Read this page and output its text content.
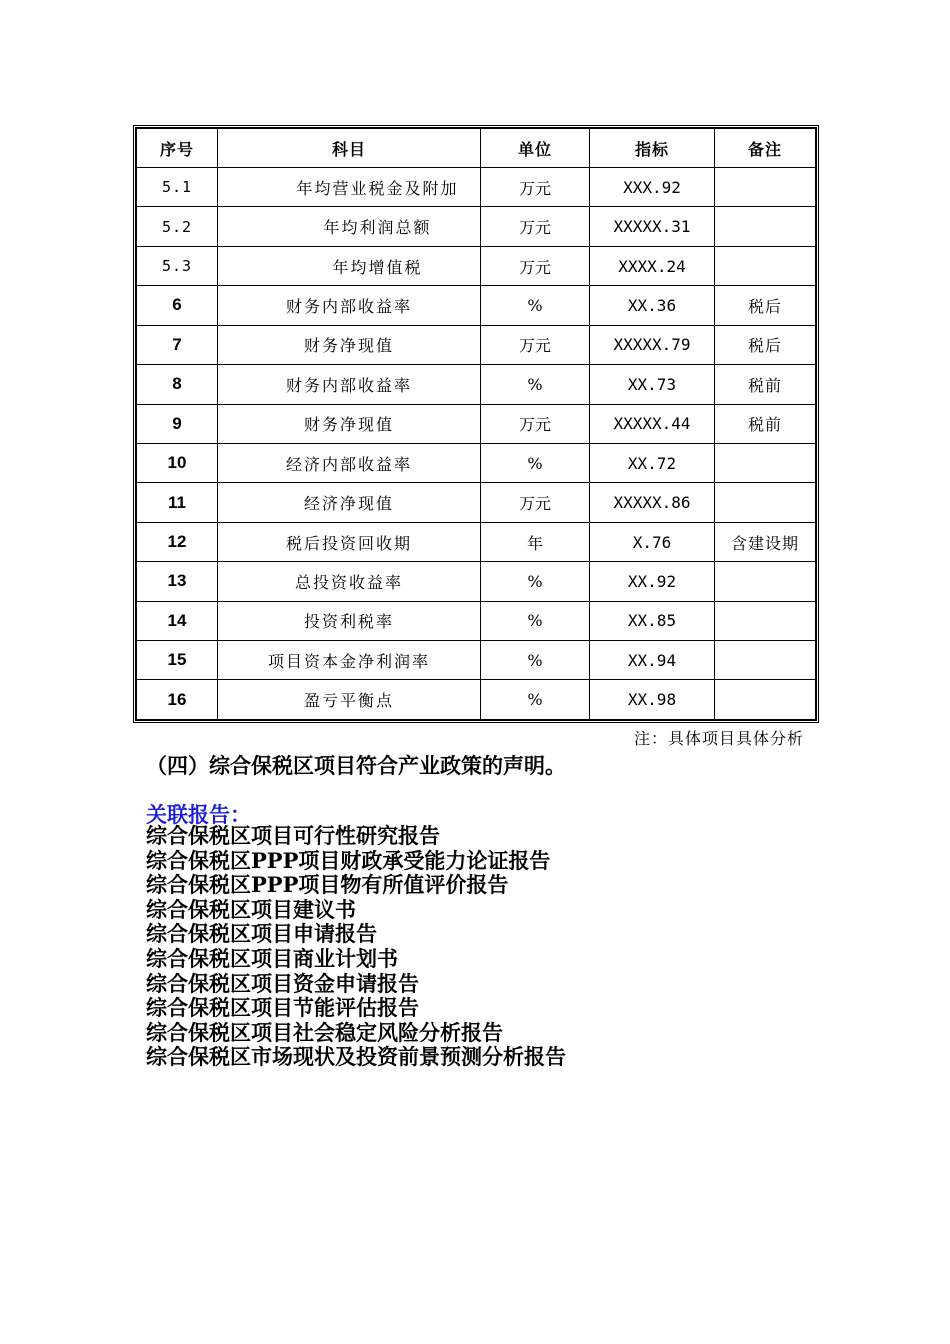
序号	科目	单位	指标	备注
5.1	年均营业税金及附加	万元	XXX.92	
5.2	年均利润总额	万元	XXXXX.31	
5.3	年均增值税	万元	XXXX.24	
6	财务内部收益率	%	XX.36	税后
7	财务净现值	万元	XXXXX.79	税后
8	财务内部收益率	%	XX.73	税前
9	财务净现值	万元	XXXXX.44	税前
10	经济内部收益率	%	XX.72	
11	经济净现值	万元	XXXXX.86	
12	税后投资回收期	年	X.76	含建设期
13	总投资收益率	%	XX.92	
14	投资利税率	%	XX.85	
15	项目资本金净利润率	%	XX.94	
16	盈亏平衡点	%	XX.98	
注：具体项目具体分析
（四）综合保税区项目符合产业政策的声明。
关联报告：
综合保税区项目可行性研究报告
综合保税区PPP项目财政承受能力论证报告
综合保税区PPP项目物有所值评价报告
综合保税区项目建议书
综合保税区项目申请报告
综合保税区项目商业计划书
综合保税区项目资金申请报告
综合保税区项目节能评估报告
综合保税区项目社会稳定风险分析报告
综合保税区市场现状及投资前景预测分析报告
